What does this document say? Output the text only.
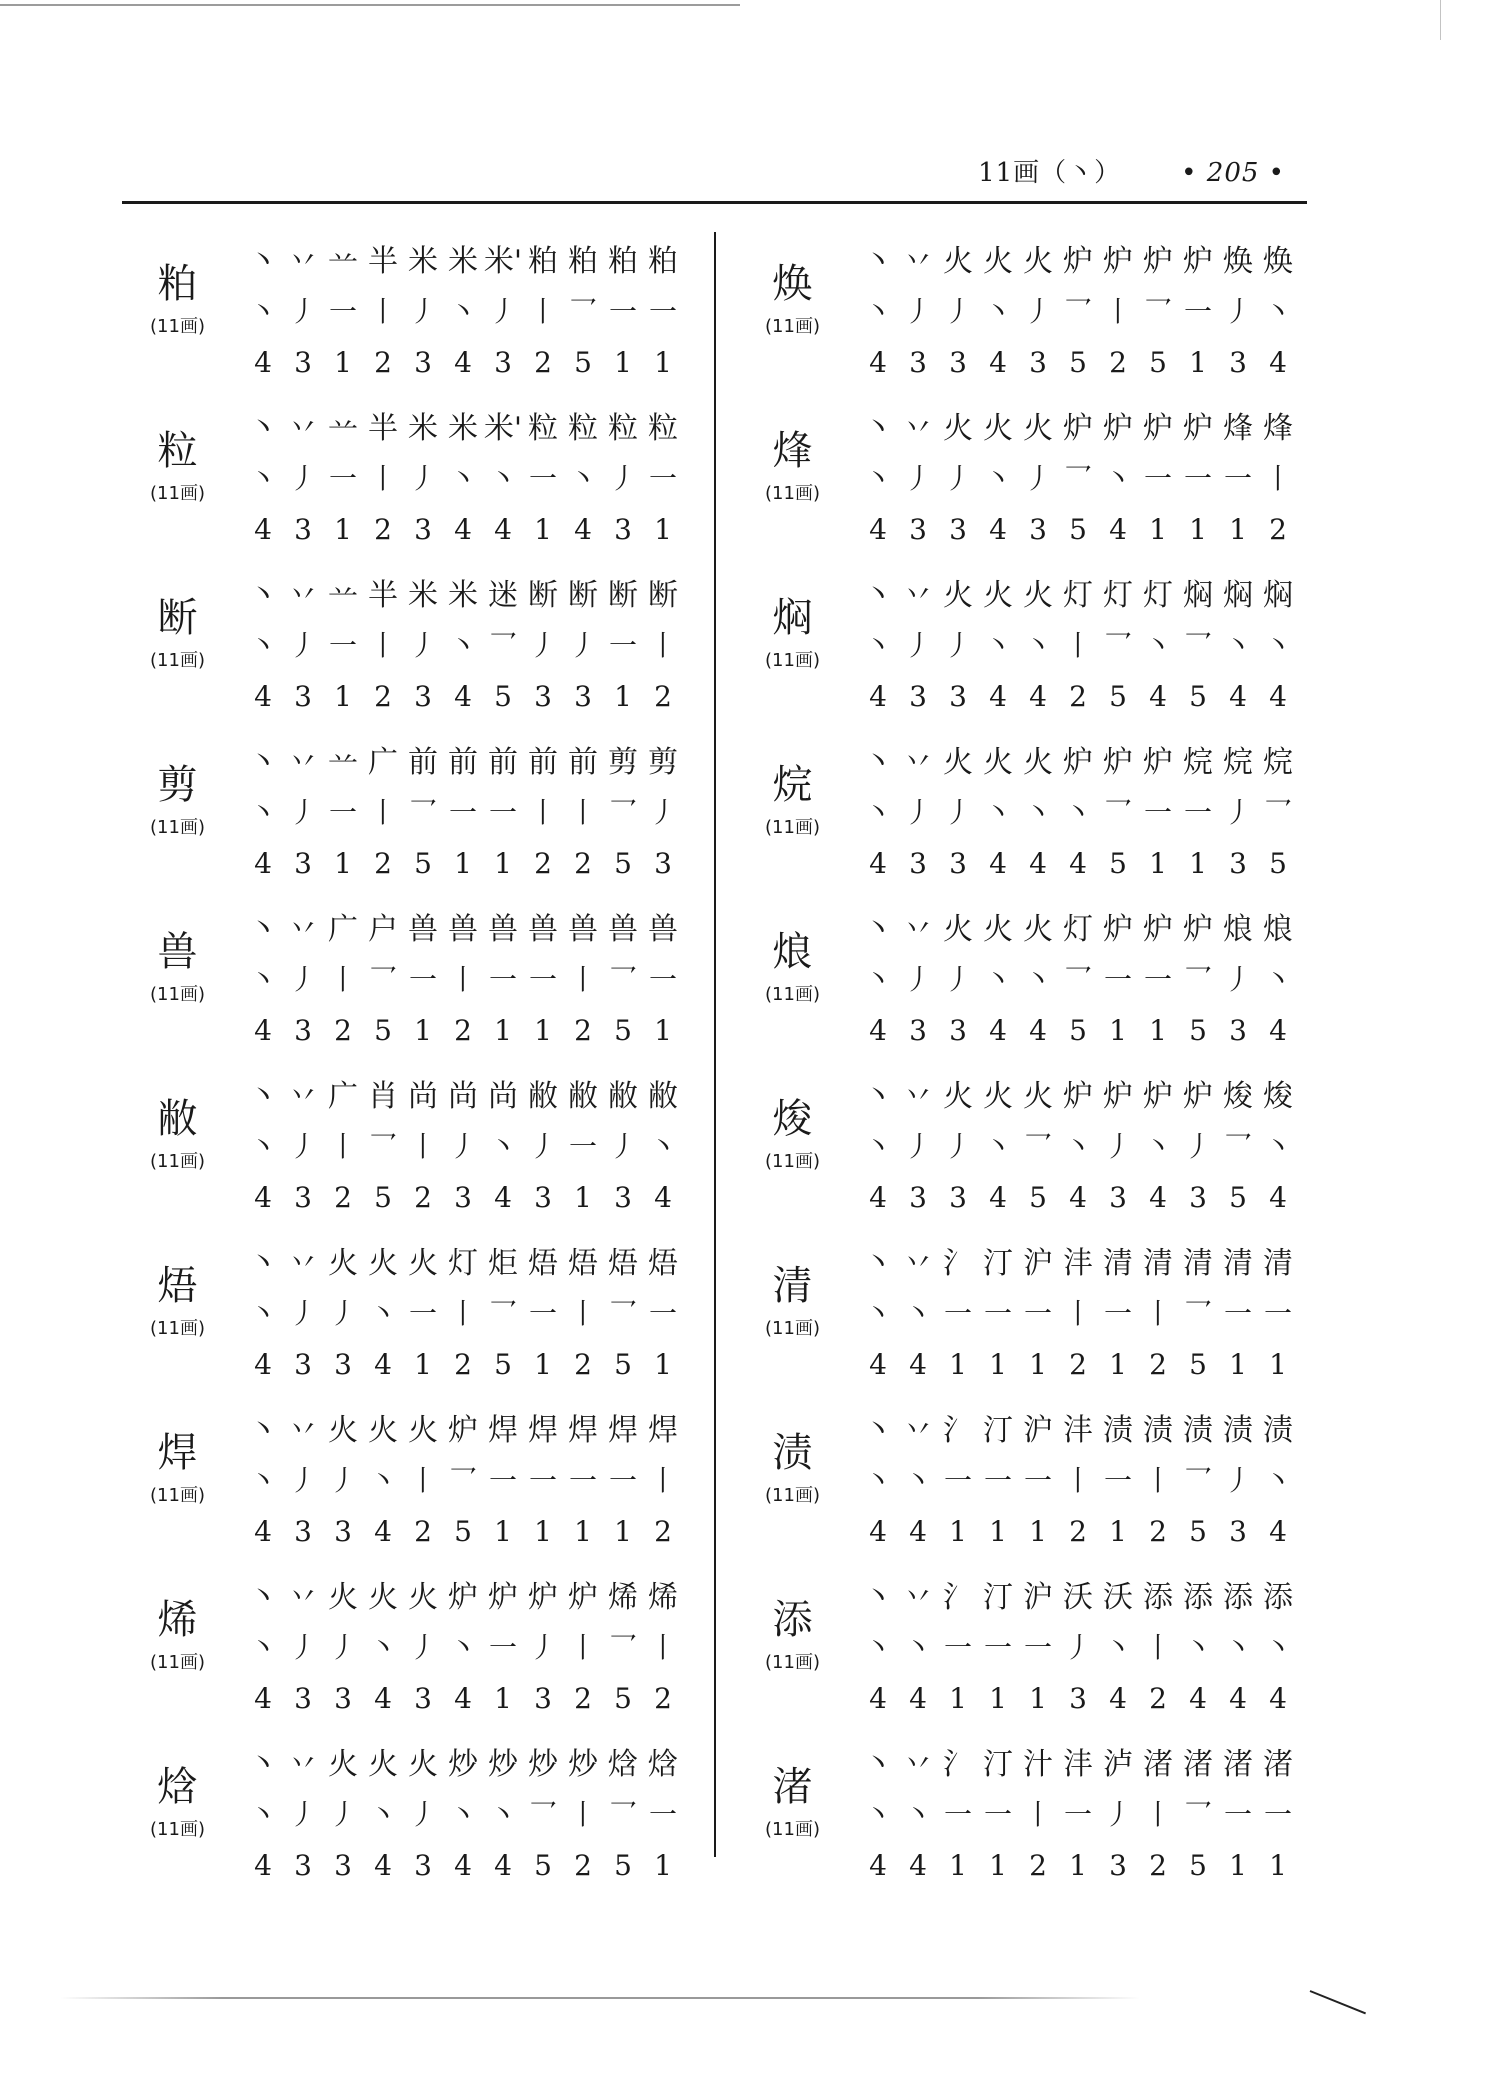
11画（丶） • 205 •
粕
(11画)
丶 丷 䒑 半 米 米 米' 粕 粕 粕 粕
丶 丿 一 丨 丿 丶 丿 丨 乛 一 一
4 3 1 2 3 4 3 2 5 1 1
粒
(11画)
丶 丷 䒑 半 米 米 米' 粒 粒 粒 粒
丶 丿 一 丨 丿 丶 丶 一 丶 丿 一
4 3 1 2 3 4 4 1 4 3 1
断
(11画)
丶 丷 䒑 半 米 米 迷 断 断 断 断
丶 丿 一 丨 丿 丶 乛 丿 丿 一 丨
4 3 1 2 3 4 5 3 3 1 2
剪
(11画)
丶 丷 䒑 广 前 前 前 前 前 剪 剪
丶 丿 一 丨 乛 一 一 丨 丨 乛 丿
4 3 1 2 5 1 1 2 2 5 3
兽
(11画)
丶 丷 广 户 兽 兽 兽 兽 兽 兽 兽
丶 丿 丨 乛 一 丨 一 一 丨 乛 一
4 3 2 5 1 2 1 1 2 5 1
敝
(11画)
丶 丷 广 肖 尚 尚 尚 敝 敝 敝 敝
丶 丿 丨 乛 丨 丿 丶 丿 一 丿 丶
4 3 2 5 2 3 4 3 1 3 4
焐
(11画)
丶 丷 火 火 火 灯 炬 焐 焐 焐 焐
丶 丿 丿 丶 一 丨 乛 一 丨 乛 一
4 3 3 4 1 2 5 1 2 5 1
焊
(11画)
丶 丷 火 火 火 炉 焊 焊 焊 焊 焊
丶 丿 丿 丶 丨 乛 一 一 一 一 丨
4 3 3 4 2 5 1 1 1 1 2
烯
(11画)
丶 丷 火 火 火 炉 炉 炉 炉 烯 烯
丶 丿 丿 丶 丿 丶 一 丿 丨 乛 丨
4 3 3 4 3 4 1 3 2 5 2
焓
(11画)
丶 丷 火 火 火 炒 炒 炒 炒 焓 焓
丶 丿 丿 丶 丿 丶 丶 乛 丨 乛 一
4 3 3 4 3 4 4 5 2 5 1
焕
(11画)
丶 丷 火 火 火 炉 炉 炉 炉 焕 焕
丶 丿 丿 丶 丿 乛 丨 乛 一 丿 丶
4 3 3 4 3 5 2 5 1 3 4
烽
(11画)
丶 丷 火 火 火 炉 炉 炉 炉 烽 烽
丶 丿 丿 丶 丿 乛 丶 一 一 一 丨
4 3 3 4 3 5 4 1 1 1 2
焖
(11画)
丶 丷 火 火 火 灯 灯 灯 焖 焖 焖
丶 丿 丿 丶 丶 丨 乛 丶 乛 丶 丶
4 3 3 4 4 2 5 4 5 4 4
烷
(11画)
丶 丷 火 火 火 炉 炉 炉 烷 烷 烷
丶 丿 丿 丶 丶 丶 乛 一 一 丿 乛
4 3 3 4 4 4 5 1 1 3 5
烺
(11画)
丶 丷 火 火 火 灯 炉 炉 炉 烺 烺
丶 丿 丿 丶 丶 乛 一 一 乛 丿 丶
4 3 3 4 4 5 1 1 5 3 4
焌
(11画)
丶 丷 火 火 火 炉 炉 炉 炉 焌 焌
丶 丿 丿 丶 乛 丶 丿 丶 丿 乛 丶
4 3 3 4 5 4 3 4 3 5 4
清
(11画)
丶 丷 氵 汀 沪 沣 清 清 清 清 清
丶 丶 一 一 一 丨 一 丨 乛 一 一
4 4 1 1 1 2 1 2 5 1 1
渍
(11画)
丶 丷 氵 汀 沪 沣 渍 渍 渍 渍 渍
丶 丶 一 一 一 丨 一 丨 乛 丿 丶
4 4 1 1 1 2 1 2 5 3 4
添
(11画)
丶 丷 氵 汀 沪 沃 沃 添 添 添 添
丶 丶 一 一 一 丿 丶 丨 丶 丶 丶
4 4 1 1 1 3 4 2 4 4 4
渚
(11画)
丶 丷 氵 汀 汁 沣 泸 渚 渚 渚 渚
丶 丶 一 一 丨 一 丿 丨 乛 一 一
4 4 1 1 2 1 3 2 5 1 1
